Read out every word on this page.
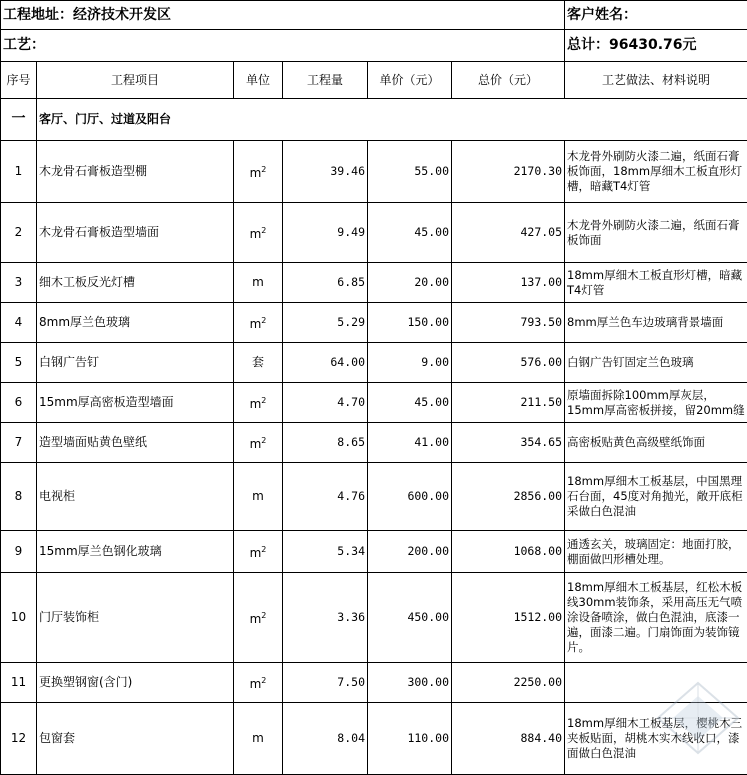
工程地址：经济技术开发区						客户姓名：
工艺：						总计：96430.76元
序号	工程项目	单位	工程量	单价（元）	总价（元）	工艺做法、材料说明
一	客厅、门厅、过道及阳台					
1	木龙骨石膏板造型棚	$m^2$	39.46	55.00	2170.30	木龙骨外刷防火漆二遍，纸面石膏板饰面，18mm厚细木工板直形灯槽，暗藏T4灯管
2	木龙骨石膏板造型墙面	$m^2$	9.49	45.00	427.05	木龙骨外刷防火漆二遍，纸面石膏板饰面
3	细木工板反光灯槽	m	6.85	20.00	137.00	18mm厚细木工板直形灯槽，暗藏T4灯管
4	8mm厚兰色玻璃	$m^2$	5.29	150.00	793.50	8mm厚兰色车边玻璃背景墙面
5	白钢广告钉	套	64.00	9.00	576.00	白钢广告钉固定兰色玻璃
6	15mm厚高密板造型墙面	$m^2$	4.70	45.00	211.50	原墙面拆除100mm厚灰层，15mm厚高密板拼接，留20mm缝
7	造型墙面贴黄色壁纸	$m^2$	8.65	41.00	354.65	高密板贴黄色高级壁纸饰面
8	电视柜	m	4.76	600.00	2856.00	18mm厚细木工板基层，中国黑理石台面，45度对角抛光，敞开底柜采做白色混油
9	15mm厚兰色钢化玻璃	$m^2$	5.34	200.00	1068.00	通透玄关，玻璃固定：地面打胶，棚面做凹形槽处理。
10	门厅装饰柜	$m^2$	3.36	450.00	1512.00	18mm厚细木工板基层，红松木板线30mm装饰条，采用高压无气喷涂设备喷涂，做白色混油，底漆一遍，面漆二遍。门扇饰面为装饰镜片。
11	更换塑钢窗(含门)	$m^2$	7.50	300.00	2250.00	
12	包窗套	m	8.04	110.00	884.40	18mm厚细木工板基层，樱桃木三夹板贴面，胡桃木实木线收口，漆面做白色混油
